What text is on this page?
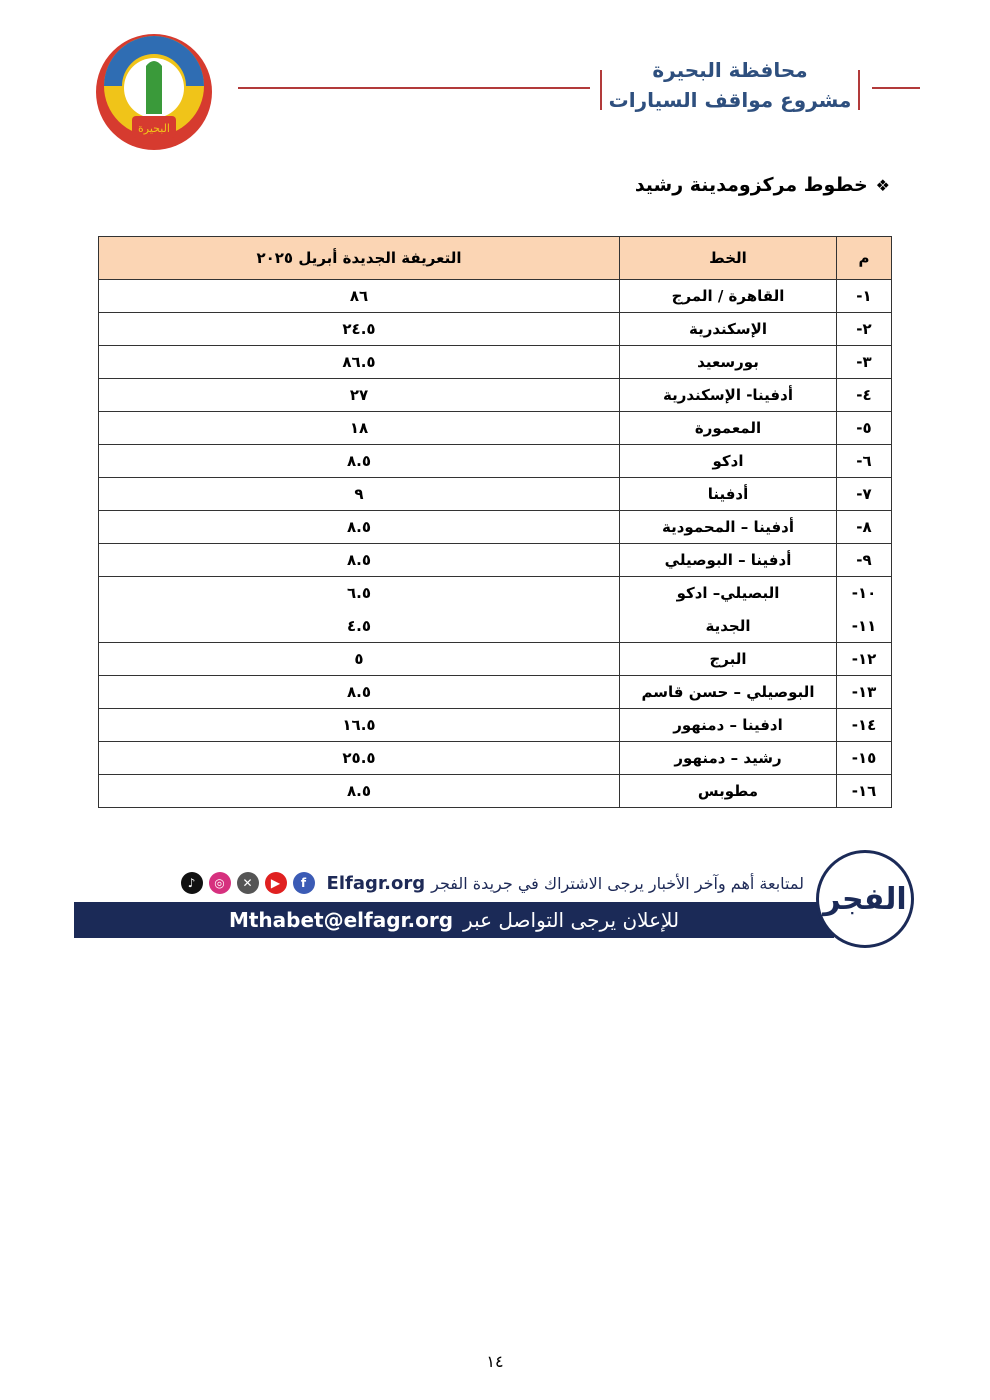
البحيرة
محافظة البحيرة
مشروع مواقف السيارات
❖
خطوط مركزومدينة رشيد
م	الخط	التعريفة الجديدة أبريل ٢٠٢٥
١-	القاهرة / المرج	٨٦
٢-	الإسكندرية	٢٤.٥
٣-	بورسعيد	٨٦.٥
٤-	أدفينا- الإسكندرية	٢٧
٥-	المعمورة	١٨
٦-	ادكو	٨.٥
٧-	أدفينا	٩
٨-	أدفينا – المحمودية	٨.٥
٩-	أدفينا – البوصيلي	٨.٥
١٠-	البصيلي– ادكو	٦.٥
١١-	الجدية	٤.٥
١٢-	البرج	٥
١٣-	البوصيلي – حسن قاسم	٨.٥
١٤-	ادفينا – دمنهور	١٦.٥
١٥-	رشيد – دمنهور	٢٥.٥
١٦-	مطوبس	٨.٥
♪	◎	✕	▶	f	Elfagr.org لمتابعة أهم وآخر الأخبار يرجى الاشتراك في جريدة الفجر
Mthabet@elfagr.org للإعلان يرجى التواصل عبر
الفجر
١٤
